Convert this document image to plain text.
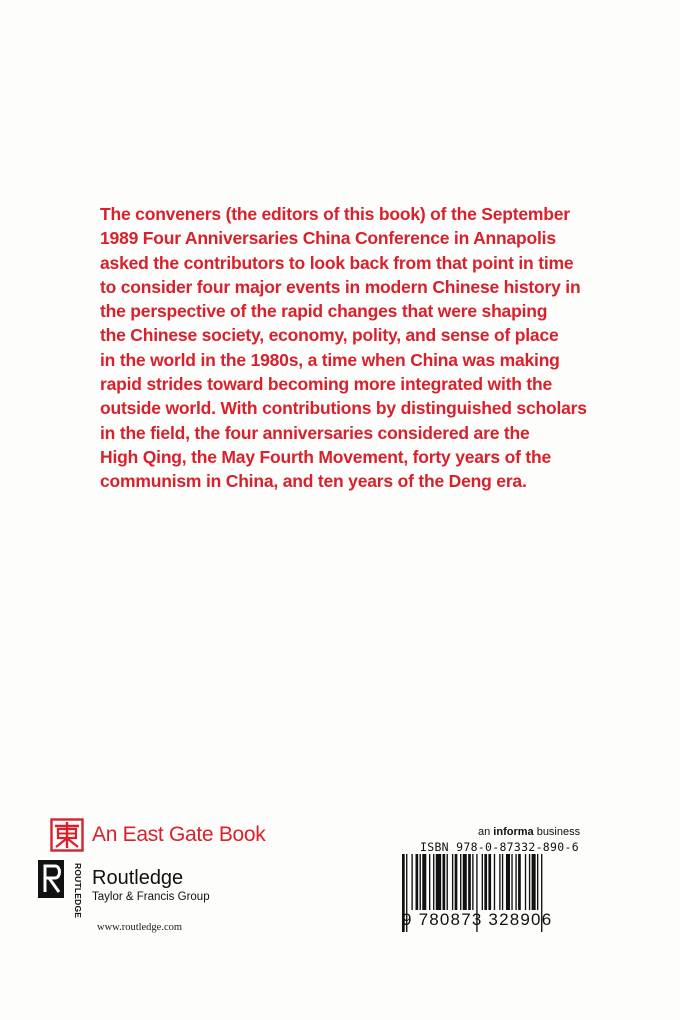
The conveners (the editors of this book) of the September
1989 Four Anniversaries China Conference in Annapolis
asked the contributors to look back from that point in time
to consider four major events in modern Chinese history in
the perspective of the rapid changes that were shaping
the Chinese society, economy, polity, and sense of place
in the world in the 1980s, a time when China was making
rapid strides toward becoming more integrated with the
outside world. With contributions by distinguished scholars
in the field, the four anniversaries considered are the
High Qing, the May Fourth Movement, forty years of the
communism in China, and ten years of the Deng era.
An East Gate Book
ROUTLEDGE Routledge
Taylor & Francis Group
www.routledge.com
an informa business
ISBN 978-0-87332-890-6
9 780873 328906
